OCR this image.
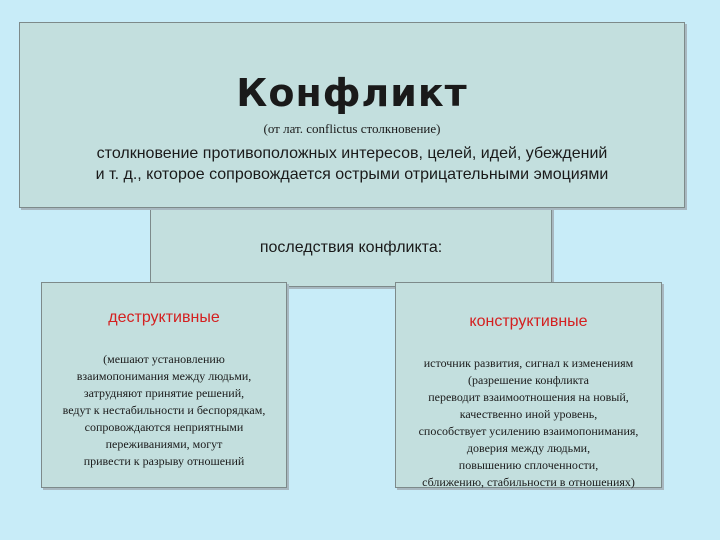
Конфликт
(от лат. conflictus столкновение)
столкновение противоположных интересов, целей, идей, убеждений
и т. д., которое сопровождается острыми отрицательными эмоциями
последствия конфликта:
деструктивные
(мешают установлению
взаимопонимания между людьми,
затрудняют принятие решений,
ведут к нестабильности и беспорядкам,
сопровождаются неприятными
переживаниями, могут
привести к разрыву отношений
конструктивные
источник развития, сигнал к изменениям
(разрешение конфликта
переводит взаимоотношения на новый,
качественно иной уровень,
способствует усилению взаимопонимания,
доверия между людьми,
повышению сплоченности,
сближению, стабильности в отношениях)
